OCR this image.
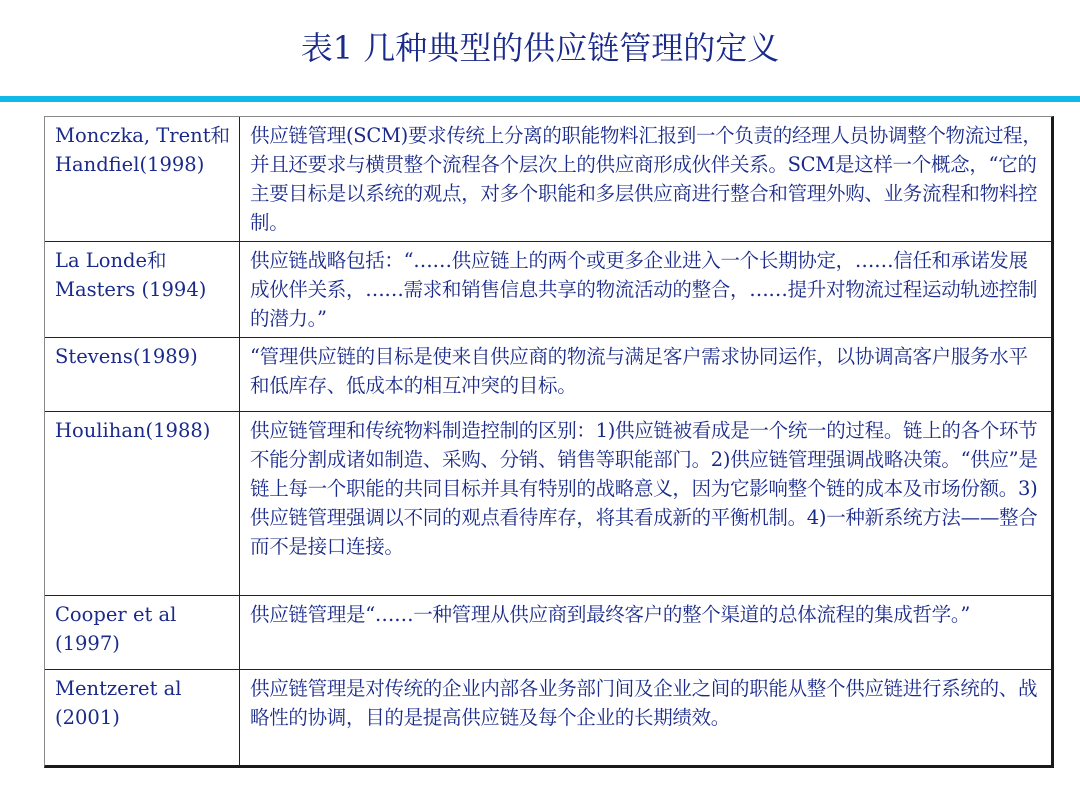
表1 几种典型的供应链管理的定义
Monczka, Trent和 Handfiel(1998)	供应链管理(SCM)要求传统上分离的职能物料汇报到一个负责的经理人员协调整个物流过程，并且还要求与横贯整个流程各个层次上的供应商形成伙伴关系。SCM是这样一个概念，“它的主要目标是以系统的观点，对多个职能和多层供应商进行整合和管理外购、业务流程和物料控制。
La Londe和 Masters (1994)	供应链战略包括：“……供应链上的两个或更多企业进入一个长期协定，……信任和承诺发展成伙伴关系，……需求和销售信息共享的物流活动的整合，……提升对物流过程运动轨迹控制的潜力。”
Stevens(1989)	“管理供应链的目标是使来自供应商的物流与满足客户需求协同运作，以协调高客户服务水平和低库存、低成本的相互冲突的目标。
Houlihan(1988)	供应链管理和传统物料制造控制的区别：1)供应链被看成是一个统一的过程。链上的各个环节不能分割成诸如制造、采购、分销、销售等职能部门。2)供应链管理强调战略决策。“供应”是链上每一个职能的共同目标并具有特别的战略意义，因为它影响整个链的成本及市场份额。3)供应链管理强调以不同的观点看待库存，将其看成新的平衡机制。4)一种新系统方法——整合而不是接口连接。
Cooper et al (1997)	供应链管理是“……一种管理从供应商到最终客户的整个渠道的总体流程的集成哲学。”
Mentzeret al (2001)	供应链管理是对传统的企业内部各业务部门间及企业之间的职能从整个供应链进行系统的、战略性的协调，目的是提高供应链及每个企业的长期绩效。
